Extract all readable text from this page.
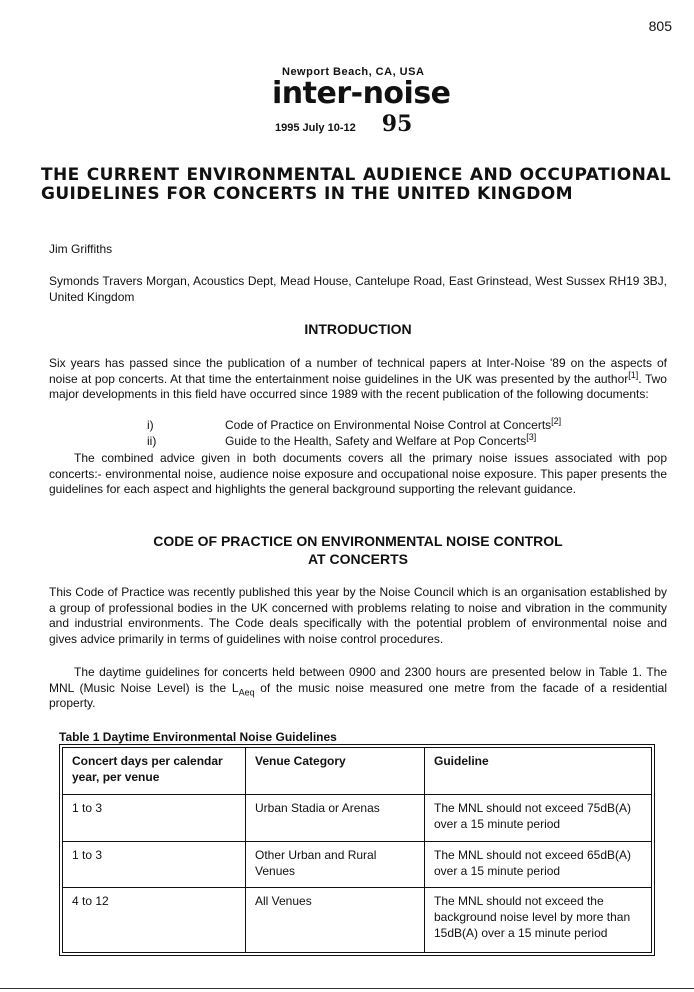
805
Newport Beach, CA, USA
inter-noise
1995 July 10-12 95
THE CURRENT ENVIRONMENTAL AUDIENCE AND OCCUPATIONAL GUIDELINES FOR CONCERTS IN THE UNITED KINGDOM
Jim Griffiths
Symonds Travers Morgan, Acoustics Dept, Mead House, Cantelupe Road, East Grinstead, West Sussex RH19 3BJ, United Kingdom
INTRODUCTION

Six years has passed since the publication of a number of technical papers at Inter-Noise '89 on the aspects of noise at pop concerts. At that time the entertainment noise guidelines in the UK was presented by the author[1]. Two major developments in this field have occurred since 1989 with the recent publication of the following documents:

i)	Code of Practice on Environmental Noise Control at Concerts[2]
ii)	Guide to the Health, Safety and Welfare at Pop Concerts[3]

The combined advice given in both documents covers all the primary noise issues associated with pop concerts:- environmental noise, audience noise exposure and occupational noise exposure. This paper presents the guidelines for each aspect and highlights the general background supporting the relevant guidance.

CODE OF PRACTICE ON ENVIRONMENTAL NOISE CONTROL
AT CONCERTS

This Code of Practice was recently published this year by the Noise Council which is an organisation established by a group of professional bodies in the UK concerned with problems relating to noise and vibration in the community and industrial environments. The Code deals specifically with the potential problem of environmental noise and gives advice primarily in terms of guidelines with noise control procedures.

The daytime guidelines for concerts held between 0900 and 2300 hours are presented below in Table 1. The MNL (Music Noise Level) is the $L_{Aeq}$ of the music noise measured one metre from the facade of a residential property.

Table 1 Daytime Environmental Noise Guidelines
Concert days per calendar year, per venue	Venue Category	Guideline
1 to 3	Urban Stadia or Arenas	The MNL should not exceed 75dB(A) over a 15 minute period
1 to 3	Other Urban and Rural Venues	The MNL should not exceed 65dB(A) over a 15 minute period
4 to 12	All Venues	The MNL should not exceed the background noise level by more than 15dB(A) over a 15 minute period
